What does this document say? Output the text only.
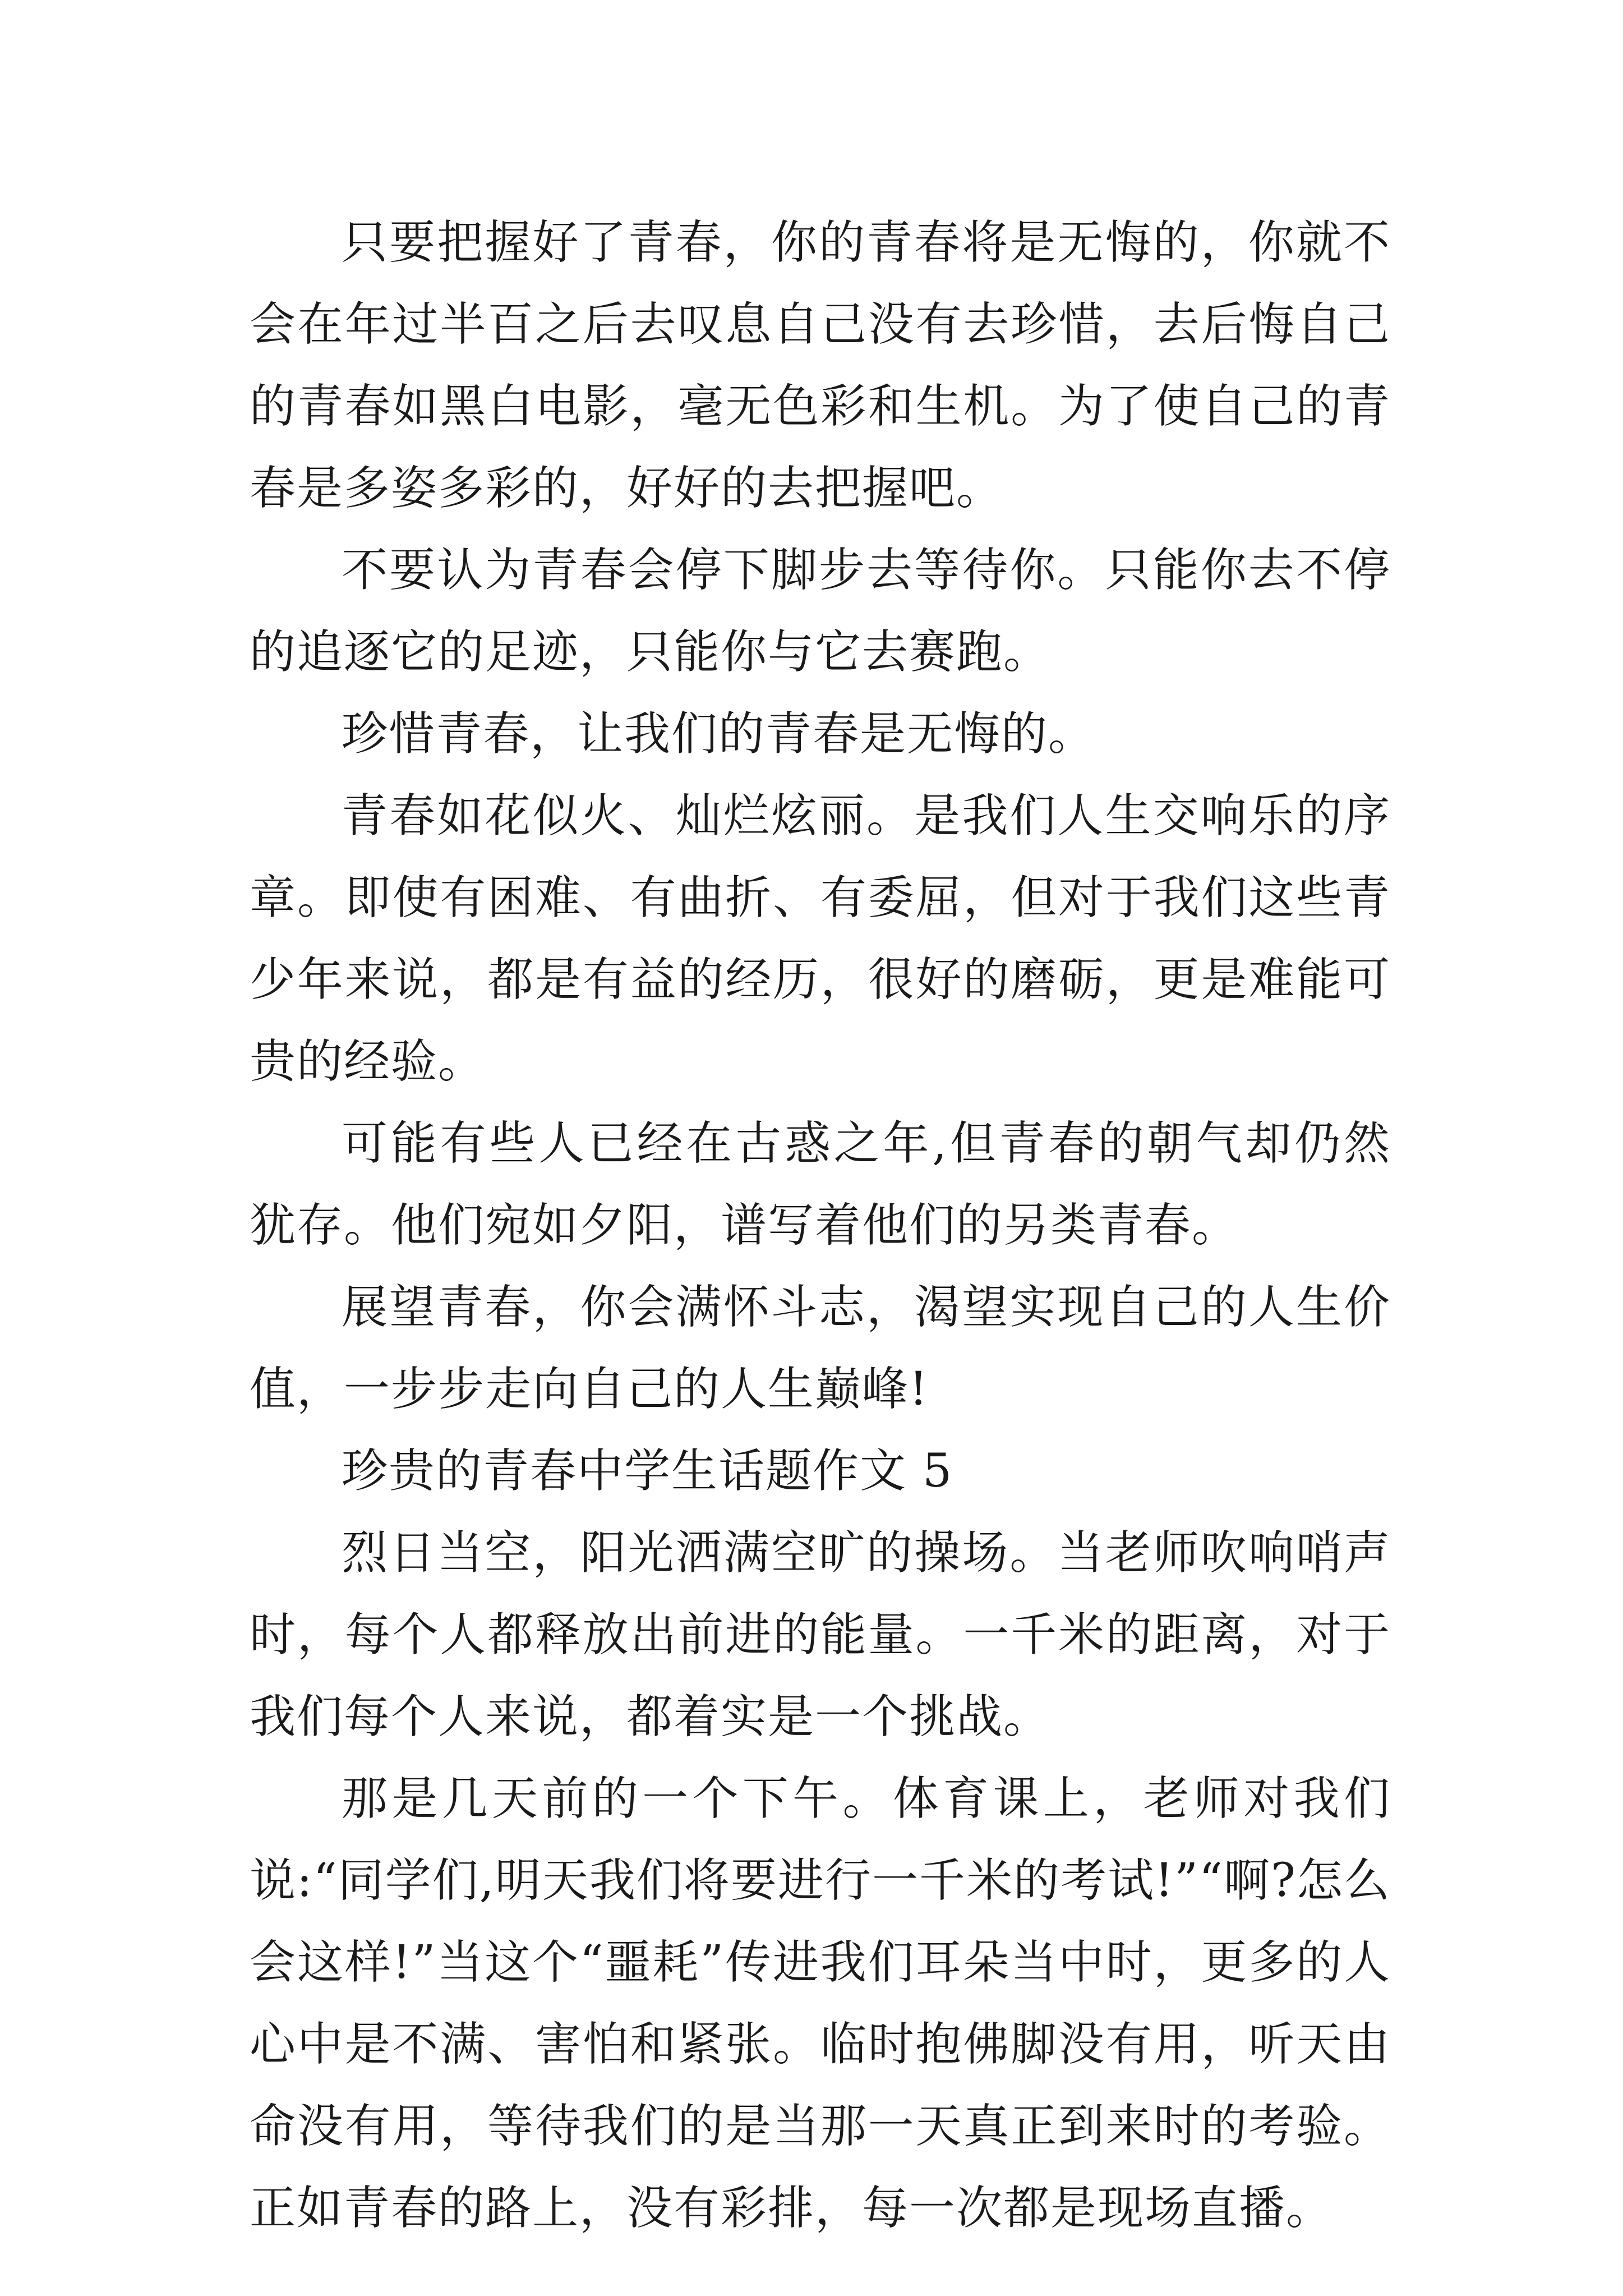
只要把握好了青春，你的青春将是无悔的，你就不会在年过半百之后去叹息自己没有去珍惜，去后悔自己的青春如黑白电影，毫无色彩和生机。为了使自己的青春是多姿多彩的，好好的去把握吧。

不要认为青春会停下脚步去等待你。只能你去不停的追逐它的足迹，只能你与它去赛跑。

珍惜青春，让我们的青春是无悔的。

青春如花似火、灿烂炫丽。是我们人生交响乐的序章。即使有困难、有曲折、有委屈，但对于我们这些青少年来说，都是有益的经历，很好的磨砺，更是难能可贵的经验。

可能有些人已经在古惑之年,但青春的朝气却仍然犹存。他们宛如夕阳，谱写着他们的另类青春。

展望青春，你会满怀斗志，渴望实现自己的人生价值，一步步走向自己的人生巅峰!

珍贵的青春中学生话题作文 5

烈日当空，阳光洒满空旷的操场。当老师吹响哨声时，每个人都释放出前进的能量。一千米的距离，对于我们每个人来说，都着实是一个挑战。

那是几天前的一个下午。体育课上，老师对我们说:“同学们,明天我们将要进行一千米的考试!”“啊?怎么会这样!”当这个“噩耗”传进我们耳朵当中时，更多的人心中是不满、害怕和紧张。临时抱佛脚没有用，听天由命没有用，等待我们的是当那一天真正到来时的考验。正如青春的路上，没有彩排，每一次都是现场直播。
